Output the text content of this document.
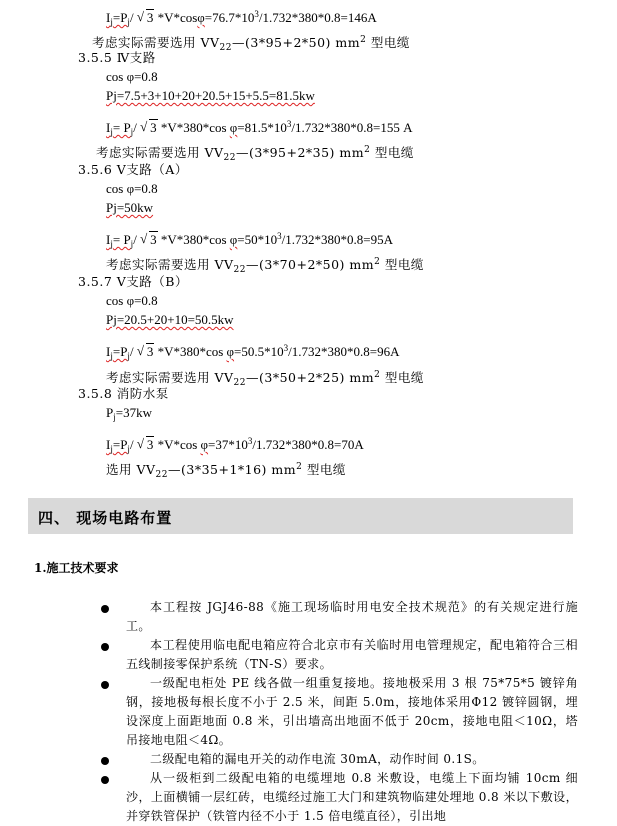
$I_j=P_j/$ √ 3 $*V*\cos\varphi=76.7*10^3/1.732*380*0.8=146A$
考虑实际需要选用 $VV_{22}—(3*95+2*50)$ $mm^2$ 型电缆
3.5.5 Ⅳ支路
cos φ=0.8
Pj=7.5+3+10+20+20.5+15+5.5=81.5kw
$I_j= P_j/$ √ 3 *V*380*cos $\varphi=81.5*10^3/1.732*380*0.8=155$ A
考虑实际需要选用 $VV_{22}—(3*95+2*35)$ $mm^2$ 型电缆
3.5.6 Ⅴ支路（A）
cos φ=0.8
Pj=50kw
$I_j= P_j/$ √ 3 *V*380*cos $\varphi=50*10^3/1.732*380*0.8=95A$
考虑实际需要选用 $VV_{22}—(3*70+2*50)$ $mm^2$ 型电缆
3.5.7 Ⅴ支路（B）
cos φ=0.8
Pj=20.5+20+10=50.5kw
$I_j=P_j/$ √ 3 *V*380*cos $\varphi=50.5*10^3/1.732*380*0.8=96A$
考虑实际需要选用 $VV_{22}—(3*50+2*25)$ $mm^2$ 型电缆
3.5.8 消防水泵
$P_j=37kw$
$I_j=P_j/$ √ 3 *V*cos $\varphi=37*10^3/1.732*380*0.8=70A$
选用 $VV_{22}—(3*35+1*16)$ $mm^2$ 型电缆
四、 现场电路布置
1.施工技术要求
本工程按 JGJ46-88《施工现场临时用电安全技术规范》的有关规定进行施工。
本工程使用临电配电箱应符合北京市有关临时用电管理规定，配电箱符合三相五线制接零保护系统（TN-S）要求。
一级配电柜处 PE 线各做一组重复接地。接地极采用 3 根 75*75*5 镀锌角钢，接地极每根长度不小于 2.5 米，间距 5.0m，接地体采用Φ12 镀锌圆钢，埋设深度上面距地面 0.8 米，引出墙高出地面不低于 20cm，接地电阻＜10Ω，塔吊接地电阻＜4Ω。
二级配电箱的漏电开关的动作电流 30mA，动作时间 0.1S。
从一级柜到二级配电箱的电缆埋地 0.8 米敷设，电缆上下面均铺 10cm 细沙，上面横铺一层红砖，电缆经过施工大门和建筑物临建处埋地 0.8 米以下敷设，并穿铁管保护（铁管内径不小于 1.5 倍电缆直径），引出地
